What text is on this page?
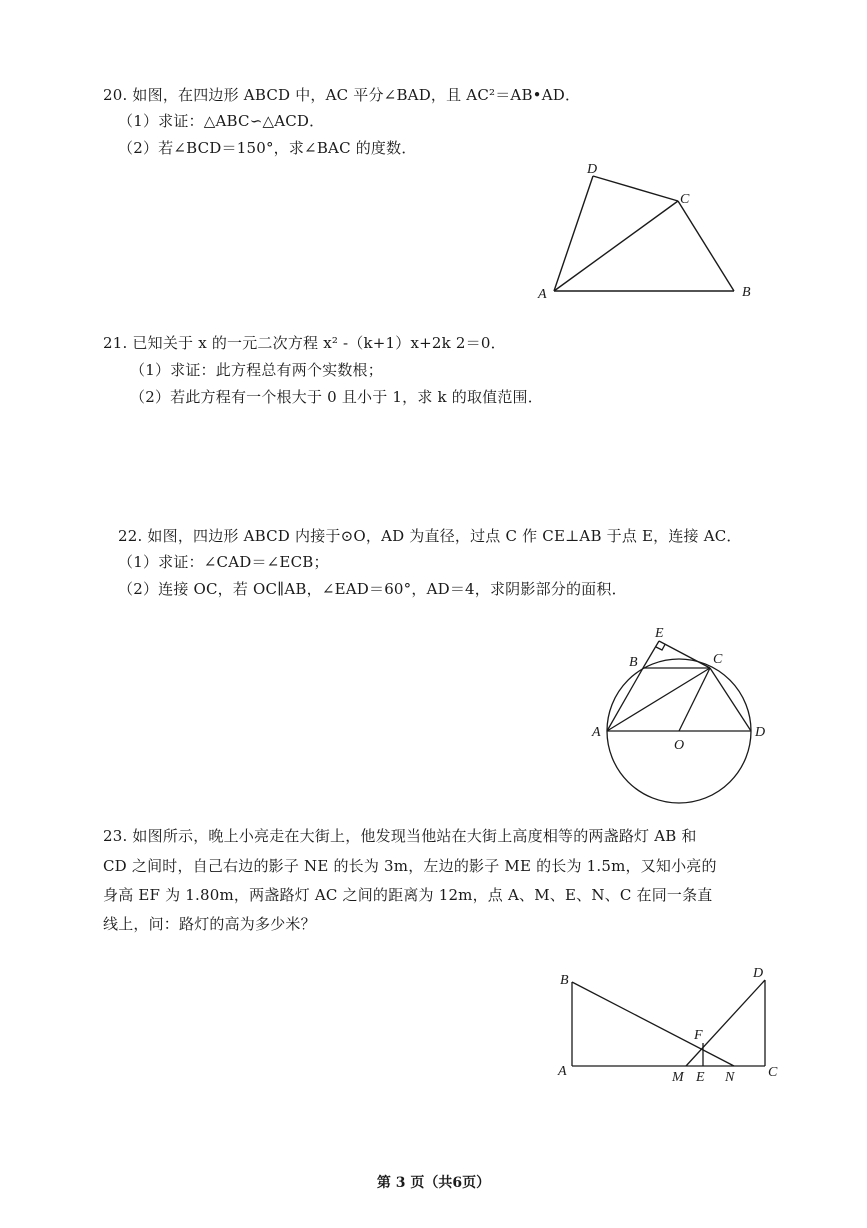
20. 如图，在四边形 ABCD 中，AC 平分∠BAD，且 AC²＝AB•AD．
（1）求证：△ABC∽△ACD．
（2）若∠BCD＝150°，求∠BAC 的度数．
A	B
C
D
21. 已知关于 x 的一元二次方程 x² -（k+1）x+2k 2＝0．
（1）求证：此方程总有两个实数根；
（2）若此方程有一个根大于 0 且小于 1，求 k 的取值范围．
22. 如图，四边形 ABCD 内接于⊙O，AD 为直径，过点 C 作 CE⊥AB 于点 E，连接 AC．
（1）求证：∠CAD＝∠ECB；
（2）连接 OC，若 OC∥AB，∠EAD＝60°，AD＝4，求阴影部分的面积．
E
B	C
A	D
O
23. 如图所示，晚上小亮走在大街上，他发现当他站在大街上高度相等的两盏路灯 AB 和
CD 之间时，自己右边的影子 NE 的长为 3m，左边的影子 ME 的长为 1.5m，又知小亮的
身高 EF 为 1.80m，两盏路灯 AC 之间的距离为 12m，点 A、M、E、N、C 在同一条直
线上，问：路灯的高为多少米？
B
A
D
C
F
M E N
第 3 页（共6页）
